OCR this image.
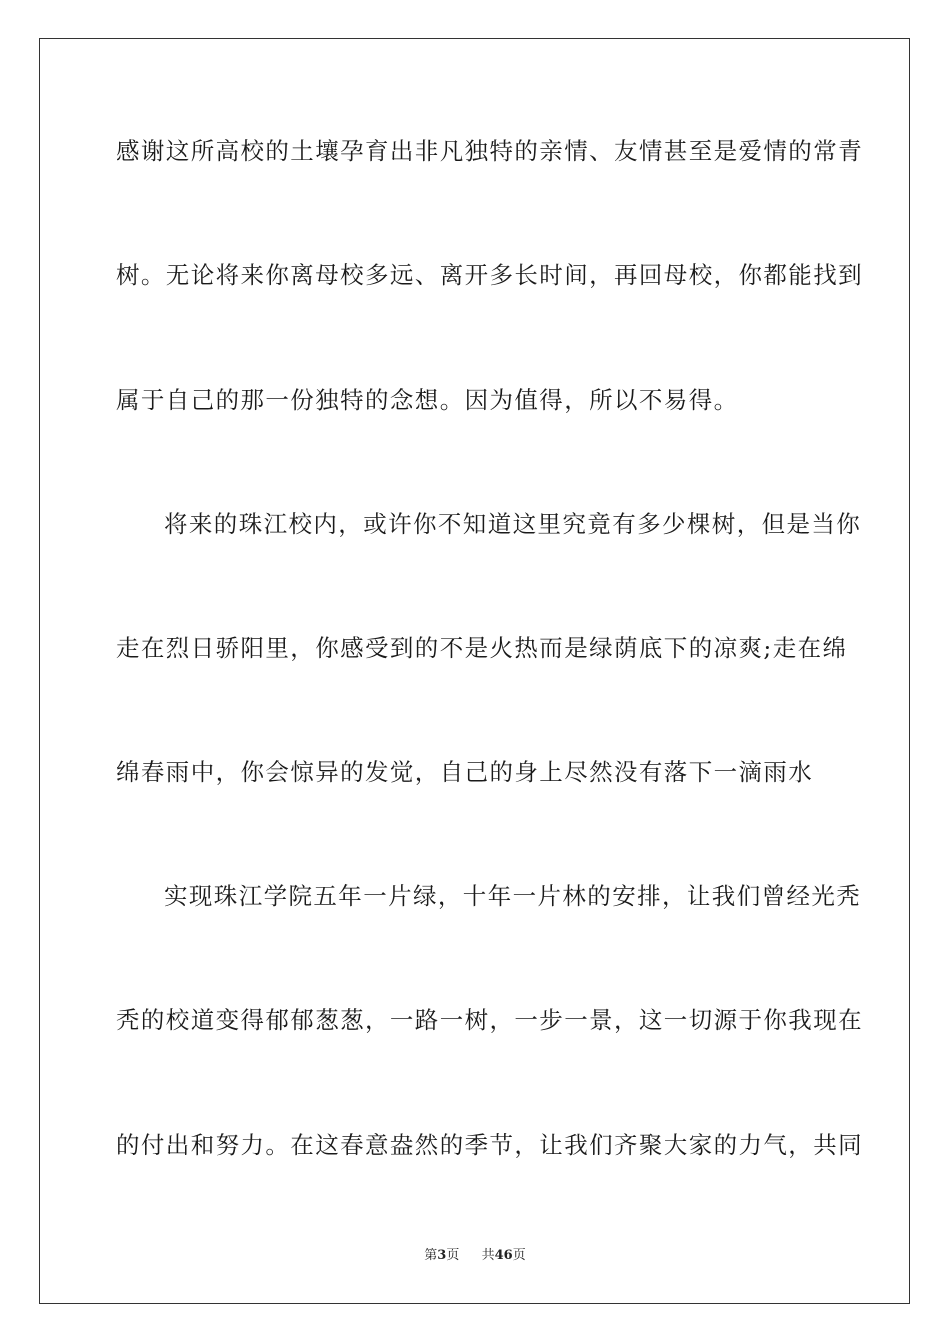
感谢这所高校的土壤孕育出非凡独特的亲情、友情甚至是爱情的常青
树。无论将来你离母校多远、离开多长时间，再回母校，你都能找到
属于自己的那一份独特的念想。因为值得，所以不易得。
将来的珠江校内，或许你不知道这里究竟有多少棵树，但是当你
走在烈日骄阳里，你感受到的不是火热而是绿荫底下的凉爽;走在绵
绵春雨中，你会惊异的发觉，自己的身上尽然没有落下一滴雨水
实现珠江学院五年一片绿，十年一片林的安排，让我们曾经光秃
秃的校道变得郁郁葱葱，一路一树，一步一景，这一切源于你我现在
的付出和努力。在这春意盎然的季节，让我们齐聚大家的力气，共同
第3页 共46页
